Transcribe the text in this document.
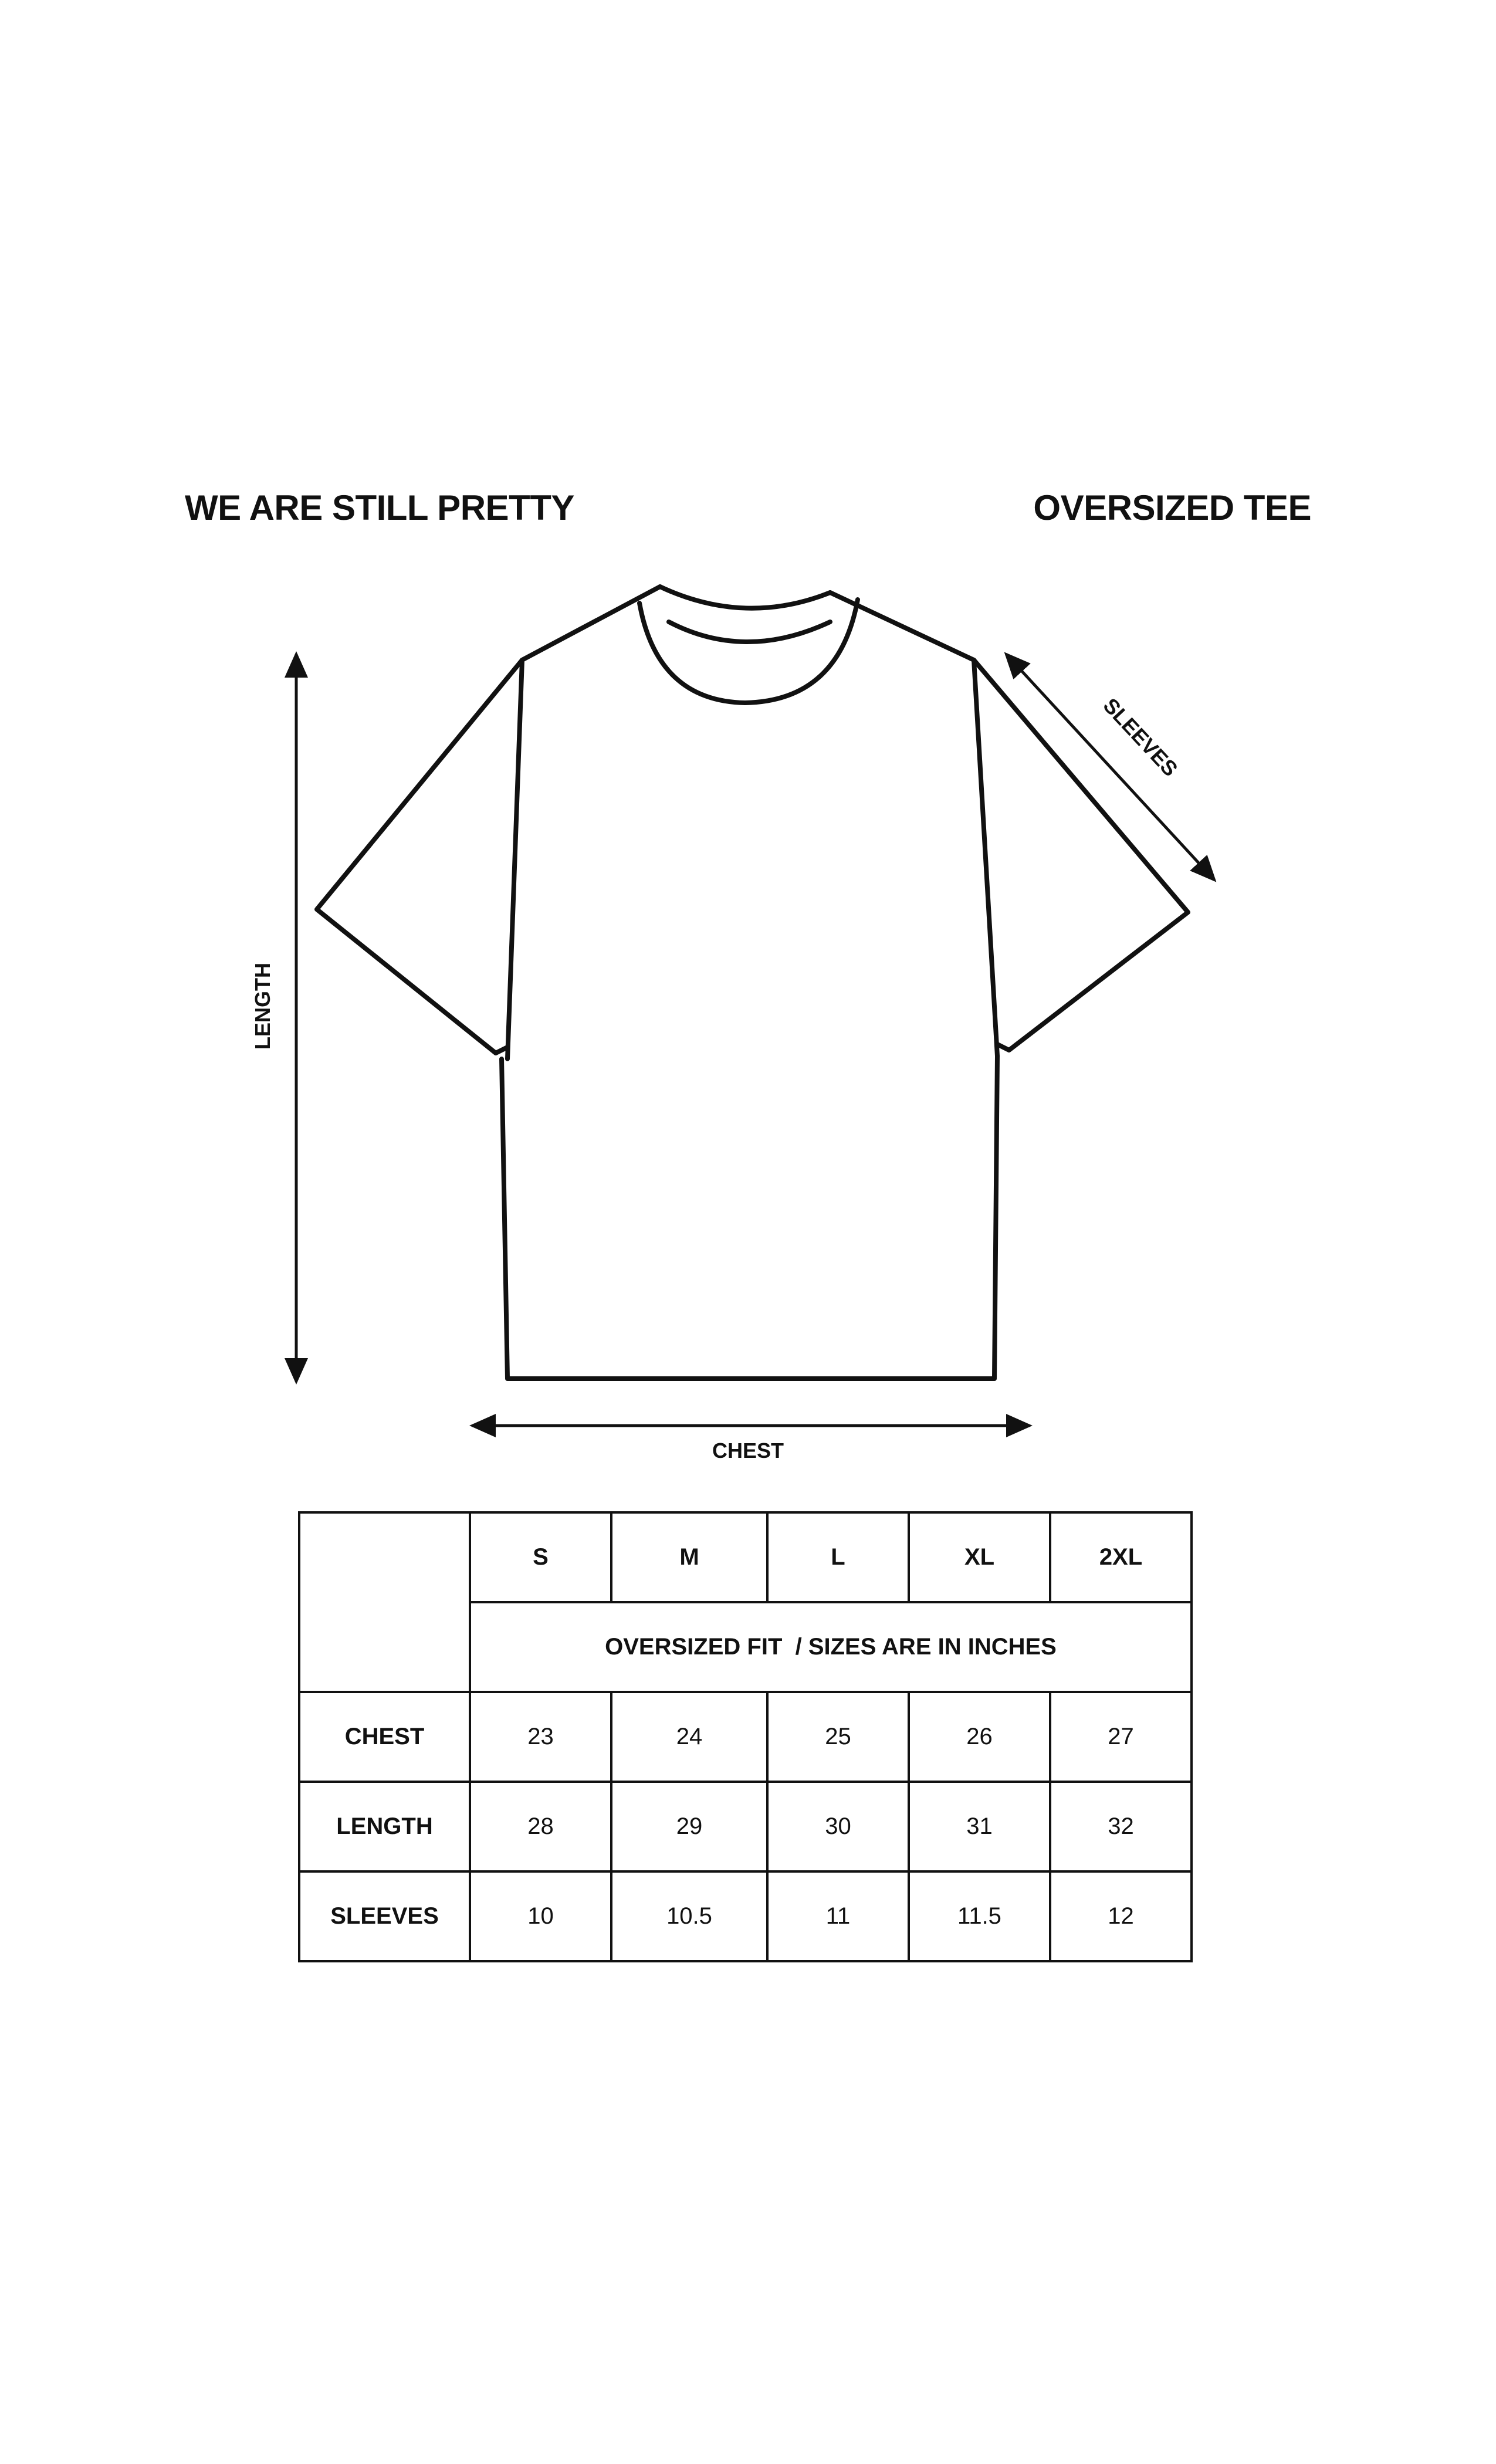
WE ARE STILL PRETTY	OVERSIZED TEE
LENGTH
SLEEVES
CHEST
	S	M	L	XL	2XL
	OVERSIZED FIT  / SIZES ARE IN INCHES				
CHEST	23	24	25	26	27
LENGTH	28	29	30	31	32
SLEEVES	10	10.5	11	11.5	12
